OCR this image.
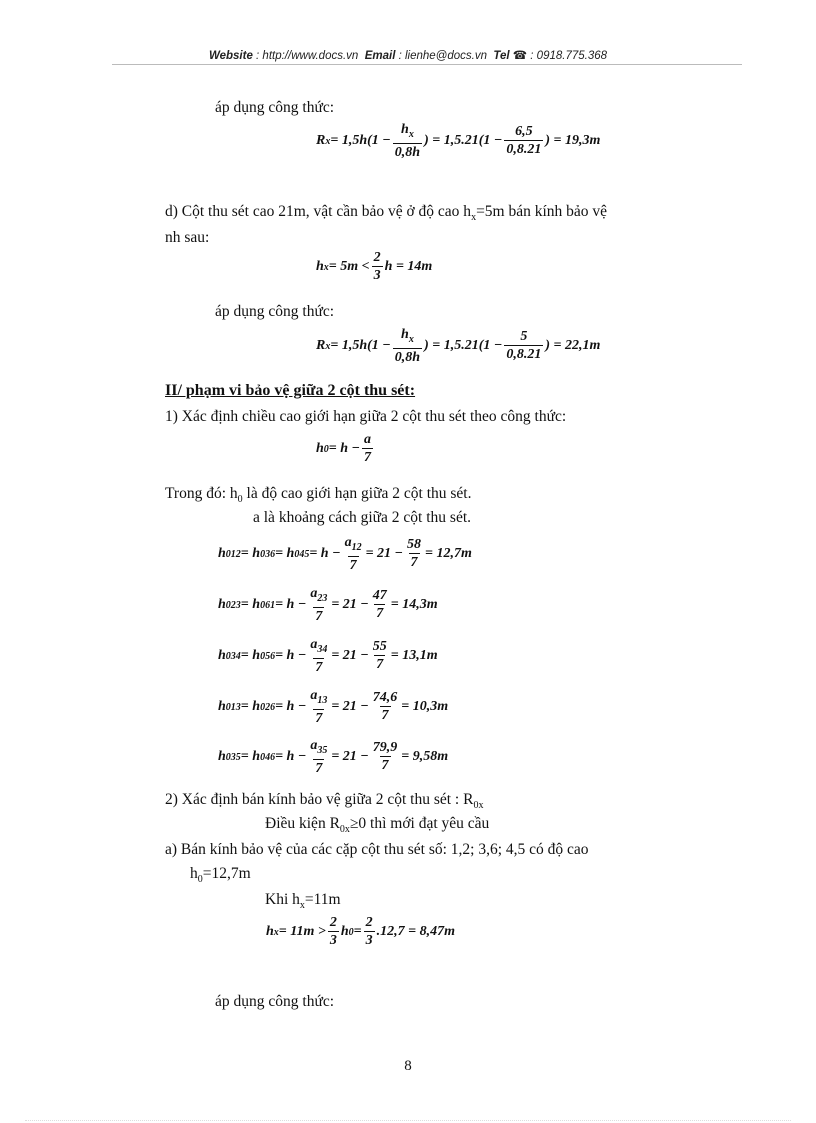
Website : http://www.docs.vn Email : lienhe@docs.vn Tel ☎ : 0918.775.368
áp dụng công thức:
R $x = 1,5h(1 - \frac{h_x}{0,8h}$ ) = $1,5.21(1 - \frac{6,5}{0,8.21}$ ) = 19,3m
d) Cột thu sét cao 21m, vật cần bảo vệ ở độ cao $h_x=5m$ bán kính bảo vệ
nh sau:
h $x = 5m < \frac{2}{3}$ h = 14m
áp dụng công thức:
R $x = 1,5h(1 - \frac{h_x}{0,8h}$ ) = $1,5.21(1 - \frac{5}{0,8.21}$ ) = 22,1m
II/ phạm vi bảo vệ giữa 2 cột thu sét:
1) Xác định chiều cao giới hạn giữa 2 cột thu sét theo công thức:
h $0 = h - \frac{a}{7}$
Trong đó: $h_0$ là độ cao giới hạn giữa 2 cột thu sét.
a là khoảng cách giữa 2 cột thu sét.
h 012 = h 036 = h $045 = h - \frac{a_{12}}{7} = 21 - \frac{58}{7} = 12,7m$
h 023 = h $061 = h - \frac{a_{23}}{7} = 21 - \frac{47}{7} = 14,3m$
h 034 = h $056 = h - \frac{a_{34}}{7} = 21 - \frac{55}{7} = 13,1m$
h 013 = h $026 = h - \frac{a_{13}}{7} = 21 - \frac{74,6}{7} = 10,3m$
h 035 = h $046 = h - \frac{a_{35}}{7} = 21 - \frac{79,9}{7} = 9,58m$
2) Xác định bán kính bảo vệ giữa 2 cột thu sét : $R_{0x}$
Điều kiện $R_{0x}\ge 0$ thì mới đạt yêu cầu
a) Bán kính bảo vệ của các cặp cột thu sét số: 1,2; 3,6; 4,5 có độ cao
$h_0=12,7m$
Khi $h_x=11m$
h $x = 11m > \frac{2}{3}$ h $0 = \frac{2}{3} .12,7 = 8,47m$
áp dụng công thức:
8
